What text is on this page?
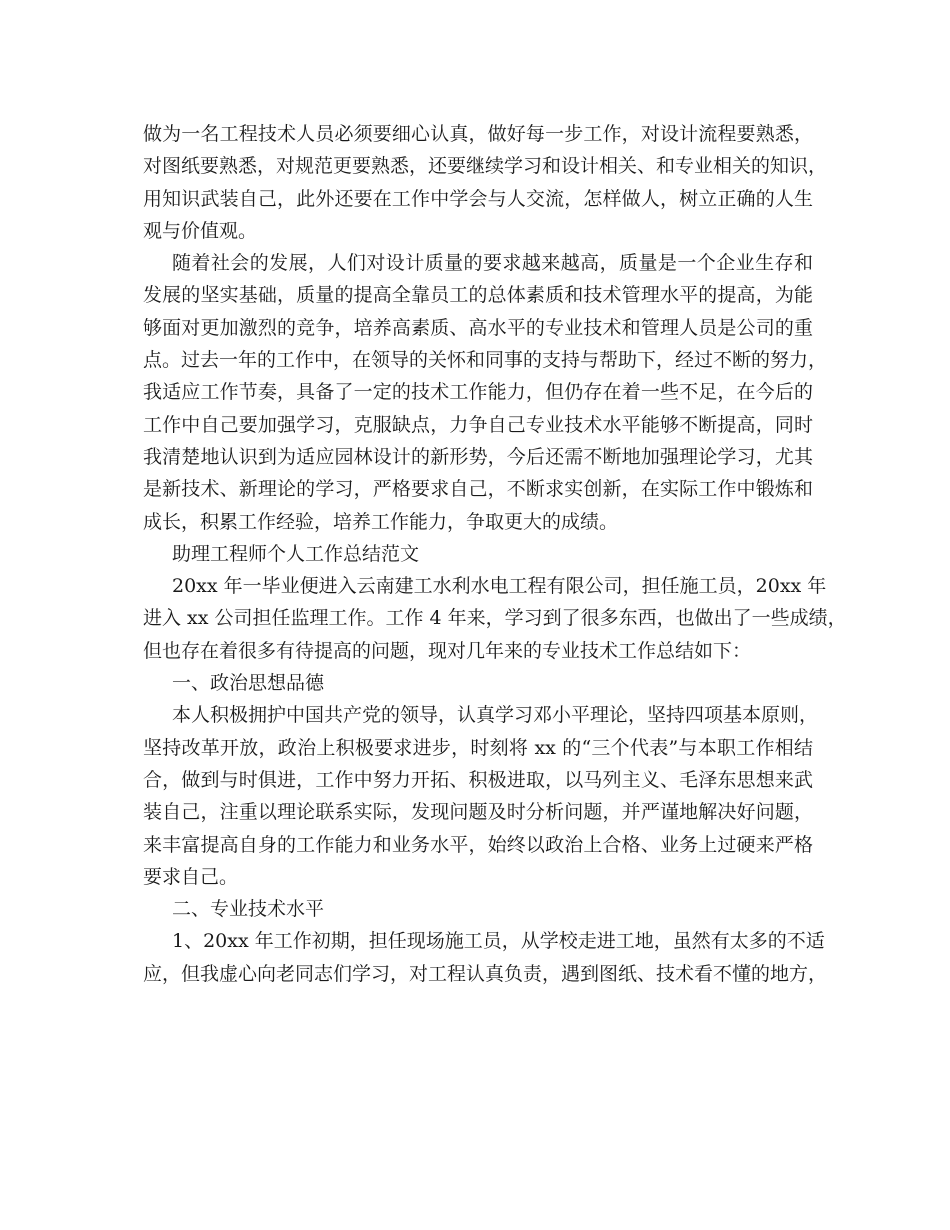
做为一名工程技术人员必须要细心认真，做好每一步工作，对设计流程要熟悉，
对图纸要熟悉，对规范更要熟悉，还要继续学习和设计相关、和专业相关的知识，
用知识武装自己，此外还要在工作中学会与人交流，怎样做人，树立正确的人生
观与价值观。
随着社会的发展，人们对设计质量的要求越来越高，质量是一个企业生存和
发展的坚实基础，质量的提高全靠员工的总体素质和技术管理水平的提高，为能
够面对更加激烈的竞争，培养高素质、高水平的专业技术和管理人员是公司的重
点。过去一年的工作中，在领导的关怀和同事的支持与帮助下，经过不断的努力，
我适应工作节奏，具备了一定的技术工作能力，但仍存在着一些不足，在今后的
工作中自己要加强学习，克服缺点，力争自己专业技术水平能够不断提高，同时
我清楚地认识到为适应园林设计的新形势，今后还需不断地加强理论学习，尤其
是新技术、新理论的学习，严格要求自己，不断求实创新，在实际工作中锻炼和
成长，积累工作经验，培养工作能力，争取更大的成绩。
助理工程师个人工作总结范文
20xx 年一毕业便进入云南建工水利水电工程有限公司，担任施工员，20xx 年
进入 xx 公司担任监理工作。工作 4 年来，学习到了很多东西，也做出了一些成绩，
但也存在着很多有待提高的问题，现对几年来的专业技术工作总结如下：
一、政治思想品德
本人积极拥护中国共产党的领导，认真学习邓小平理论，坚持四项基本原则，
坚持改革开放，政治上积极要求进步，时刻将 xx 的“三个代表”与本职工作相结
合，做到与时俱进，工作中努力开拓、积极进取，以马列主义、毛泽东思想来武
装自己，注重以理论联系实际，发现问题及时分析问题，并严谨地解决好问题，
来丰富提高自身的工作能力和业务水平，始终以政治上合格、业务上过硬来严格
要求自己。
二、专业技术水平
1、20xx 年工作初期，担任现场施工员，从学校走进工地，虽然有太多的不适
应，但我虚心向老同志们学习，对工程认真负责，遇到图纸、技术看不懂的地方，
